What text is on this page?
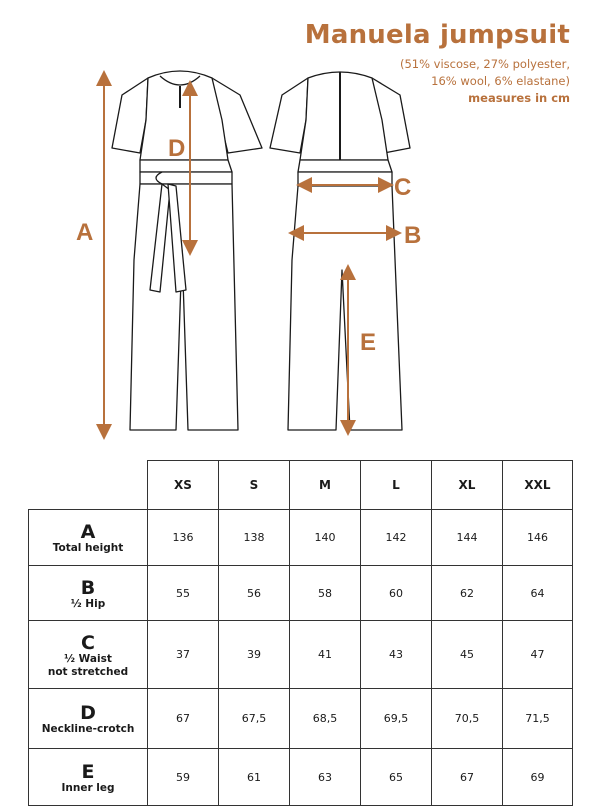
Manuela jumpsuit
(51% viscose, 27% polyester,
16% wool, 6% elastane)
measures in cm
A
D
C
B
E
	XS	S	M	L	XL	XXL

A
Total height	136	138	140	142	144	146

B
½ Hip	55	56	58	60	62	64

C
½ Waist
not stretched	37	39	41	43	45	47

D
Neckline-crotch	67	67,5	68,5	69,5	70,5	71,5

E
Inner leg	59	61	63	65	67	69
